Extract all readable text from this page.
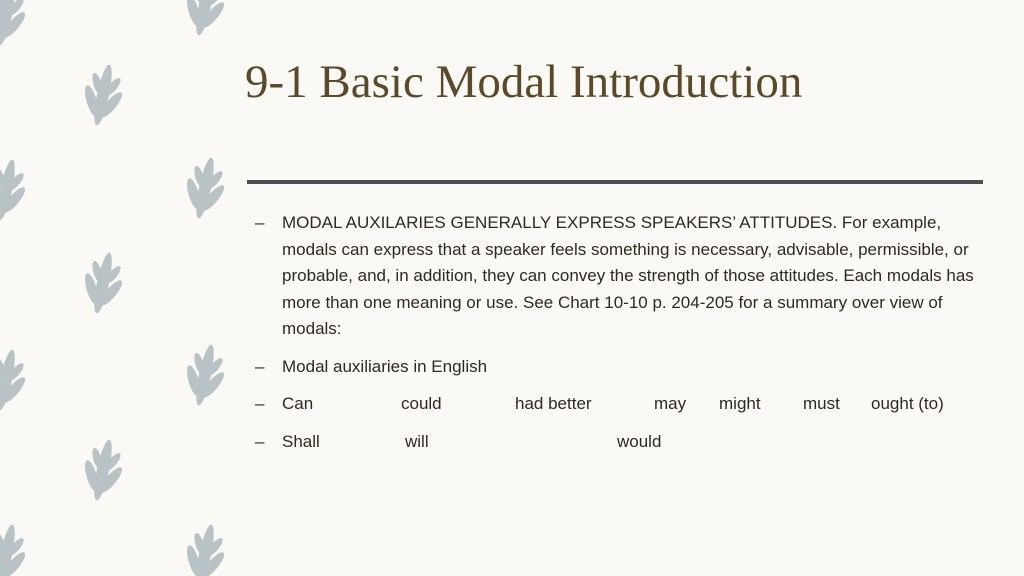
9-1 Basic Modal Introduction
– MODAL AUXILARIES GENERALLY EXPRESS SPEAKERS’ ATTITUDES. For example, modals can express that a speaker feels something is necessary, advisable, permissible, or probable, and, in addition, they can convey the strength of those attitudes. Each modals has more than one meaning or use. See Chart 10-10 p. 204-205 for a summary over view of modals:
– Modal auxiliaries in English
– Can	could	had better	may might must ought (to)
– Shall	will	would
